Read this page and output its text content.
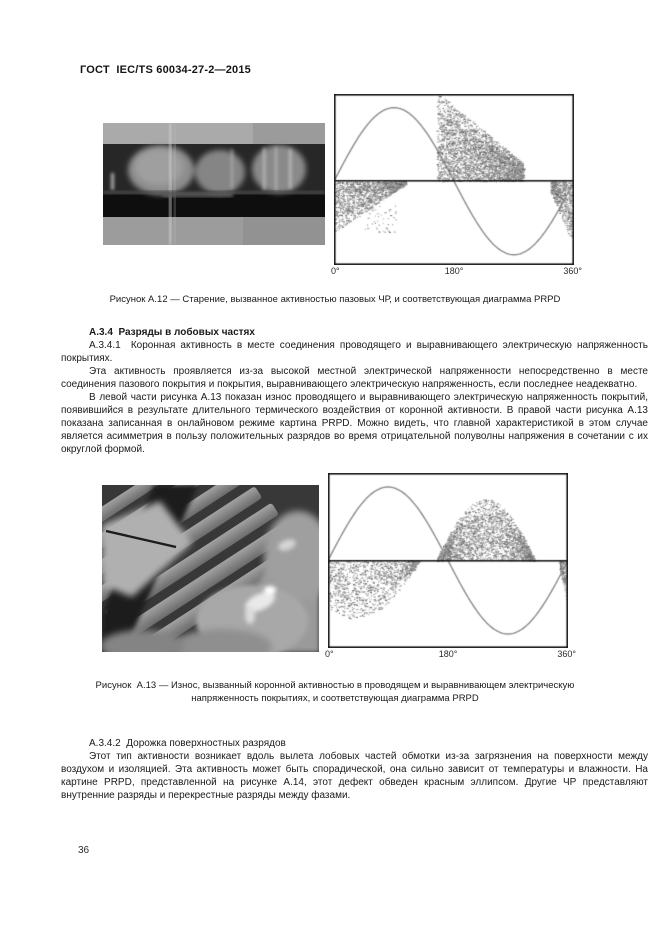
ГОСТ  IEC/TS 60034-27-2—2015
0°	180°	360°
Рисунок А.12 — Старение, вызванное активностью пазовых ЧР, и соответствующая диаграмма PRPD

А.3.4  Разряды в лобовых частях

А.3.4.1  Коронная активность в месте соединения проводящего и выравнивающего электрическую напряженность покрытиях.

Эта активность проявляется из-за высокой местной электрической напряженности непосредственно в месте соединения пазового покрытия и покрытия, выравнивающего электрическую напряженность, если последнее неадекватно.

В левой части рисунка А.13 показан износ проводящего и выравнивающего электрическую напряженность покрытий, появившийся в результате длительного термического воздействия от коронной активности. В правой части рисунка А.13 показана записанная в онлайновом режиме картина PRPD. Можно видеть, что главной характеристикой в этом случае является асимметрия в пользу положительных разрядов во время отрицательной полуволны напряжения в сочетании с их округлой формой.

0°	180°	360°
Рисунок  А.13 — Износ, вызванный коронной активностью в проводящем и выравнивающем электрическую напряженность покрытиях, и соответствующая диаграмма PRPD

А.3.4.2  Дорожка поверхностных разрядов

Этот тип активности возникает вдоль вылета лобовых частей обмотки из-за загрязнения на поверхности между воздухом и изоляцией. Эта активность может быть спорадической, она сильно зависит от температуры и влажности. На картине PRPD, представленной на рисунке А.14, этот дефект обведен красным эллипсом. Другие ЧР представляют внутренние разряды и перекрестные разряды между фазами.

36
